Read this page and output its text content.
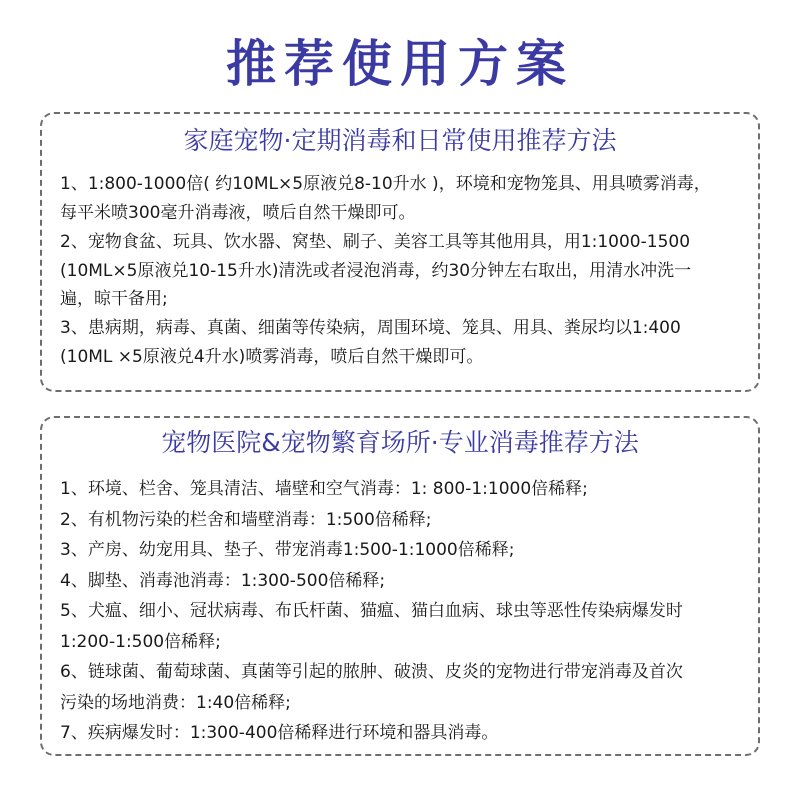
推荐使用方案
家庭宠物·定期消毒和日常使用推荐方法
1、1:800-1000倍( 约10ML×5原液兑8-10升水 )，环境和宠物笼具、用具喷雾消毒，
每平米喷300毫升消毒液，喷后自然干燥即可。
2、宠物食盆、玩具、饮水器、窝垫、刷子、美容工具等其他用具，用1:1000-1500
(10ML×5原液兑10-15升水)清洗或者浸泡消毒，约30分钟左右取出，用清水冲洗一
遍，晾干备用;
3、患病期，病毒、真菌、细菌等传染病，周围环境、笼具、用具、粪尿均以1:400
(10ML ×5原液兑4升水)喷雾消毒，喷后自然干燥即可。
宠物医院&宠物繁育场所·专业消毒推荐方法
1、环境、栏舍、笼具清洁、墙壁和空气消毒：1: 800-1:1000倍稀释;
2、有机物污染的栏舍和墙壁消毒：1:500倍稀释;
3、产房、幼宠用具、垫子、带宠消毒1:500-1:1000倍稀释;
4、脚垫、消毒池消毒：1:300-500倍稀释;
5、犬瘟、细小、冠状病毒、布氏杆菌、猫瘟、猫白血病、球虫等恶性传染病爆发时
1:200-1:500倍稀释;
6、链球菌、葡萄球菌、真菌等引起的脓肿、破溃、皮炎的宠物进行带宠消毒及首次
污染的场地消费：1:40倍稀释;
7、疾病爆发时：1:300-400倍稀释进行环境和器具消毒。
